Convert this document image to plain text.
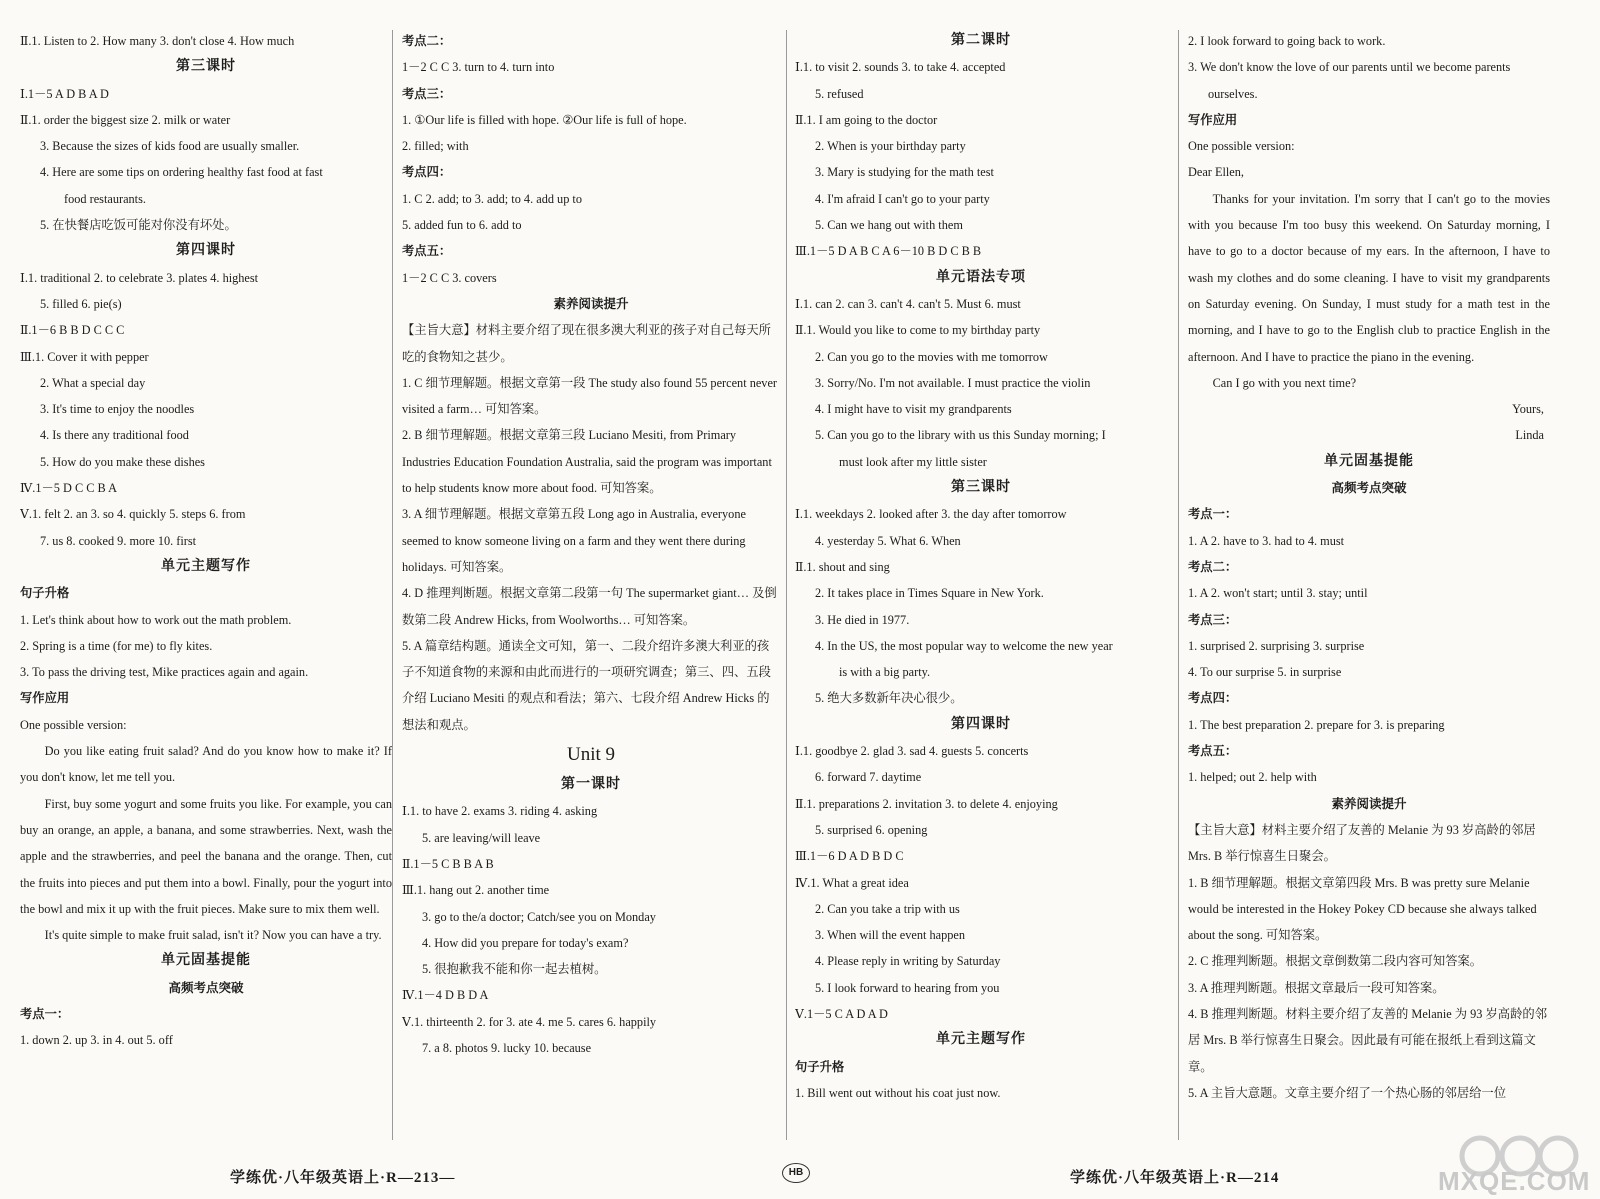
Ⅱ.1. Listen to 2. How many 3. don't close 4. How much
第三课时
Ⅰ.1－5 A D B A D
Ⅱ.1. order the biggest size 2. milk or water
3. Because the sizes of kids food are usually smaller.
4. Here are some tips on ordering healthy fast food at fast
food restaurants.
5. 在快餐店吃饭可能对你没有坏处。
第四课时
Ⅰ.1. traditional 2. to celebrate 3. plates 4. highest
5. filled 6. pie(s)
Ⅱ.1－6 B B D C C C
Ⅲ.1. Cover it with pepper
2. What a special day
3. It's time to enjoy the noodles
4. Is there any traditional food
5. How do you make these dishes
Ⅳ.1－5 D C C B A
Ⅴ.1. felt 2. an 3. so 4. quickly 5. steps 6. from
7. us 8. cooked 9. more 10. first
单元主题写作
句子升格
1. Let's think about how to work out the math problem.
2. Spring is a time (for me) to fly kites.
3. To pass the driving test, Mike practices again and again.
写作应用
One possible version:
Do you like eating fruit salad? And do you know how to make it? If you don't know, let me tell you.
First, buy some yogurt and some fruits you like. For example, you can buy an orange, an apple, a banana, and some strawberries. Next, wash the apple and the strawberries, and peel the banana and the orange. Then, cut the fruits into pieces and put them into a bowl. Finally, pour the yogurt into the bowl and mix it up with the fruit pieces. Make sure to mix them well.
It's quite simple to make fruit salad, isn't it? Now you can have a try.
单元固基提能
高频考点突破
考点一：
1. down 2. up 3. in 4. out 5. off
考点二：
1－2 C C 3. turn to 4. turn into
考点三：
1. ①Our life is filled with hope. ②Our life is full of hope.
2. filled; with
考点四：
1. C 2. add; to 3. add; to 4. add up to
5. added fun to 6. add to
考点五：
1－2 C C 3. covers
素养阅读提升
【主旨大意】材料主要介绍了现在很多澳大利亚的孩子对自己每天所吃的食物知之甚少。
1. C 细节理解题。根据文章第一段 The study also found 55 percent never visited a farm… 可知答案。
2. B 细节理解题。根据文章第三段 Luciano Mesiti, from Primary Industries Education Foundation Australia, said the program was important to help students know more about food. 可知答案。
3. A 细节理解题。根据文章第五段 Long ago in Australia, everyone seemed to know someone living on a farm and they went there during holidays. 可知答案。
4. D 推理判断题。根据文章第二段第一句 The supermarket giant… 及倒数第二段 Andrew Hicks, from Woolworths… 可知答案。
5. A 篇章结构题。通读全文可知，第一、二段介绍许多澳大利亚的孩子不知道食物的来源和由此而进行的一项研究调查；第三、四、五段介绍 Luciano Mesiti 的观点和看法；第六、七段介绍 Andrew Hicks 的想法和观点。
Unit 9
第一课时
Ⅰ.1. to have 2. exams 3. riding 4. asking
5. are leaving/will leave
Ⅱ.1－5 C B B A B
Ⅲ.1. hang out 2. another time
3. go to the/a doctor; Catch/see you on Monday
4. How did you prepare for today's exam?
5. 很抱歉我不能和你一起去植树。
Ⅳ.1－4 D B D A
Ⅴ.1. thirteenth 2. for 3. ate 4. me 5. cares 6. happily
7. a 8. photos 9. lucky 10. because
第二课时
Ⅰ.1. to visit 2. sounds 3. to take 4. accepted
5. refused
Ⅱ.1. I am going to the doctor
2. When is your birthday party
3. Mary is studying for the math test
4. I'm afraid I can't go to your party
5. Can we hang out with them
Ⅲ.1－5 D A B C A 6－10 B D C B B
单元语法专项
Ⅰ.1. can 2. can 3. can't 4. can't 5. Must 6. must
Ⅱ.1. Would you like to come to my birthday party
2. Can you go to the movies with me tomorrow
3. Sorry/No. I'm not available. I must practice the violin
4. I might have to visit my grandparents
5. Can you go to the library with us this Sunday morning; I
must look after my little sister
第三课时
Ⅰ.1. weekdays 2. looked after 3. the day after tomorrow
4. yesterday 5. What 6. When
Ⅱ.1. shout and sing
2. It takes place in Times Square in New York.
3. He died in 1977.
4. In the US, the most popular way to welcome the new year
is with a big party.
5. 绝大多数新年决心很少。
第四课时
Ⅰ.1. goodbye 2. glad 3. sad 4. guests 5. concerts
6. forward 7. daytime
Ⅱ.1. preparations 2. invitation 3. to delete 4. enjoying
5. surprised 6. opening
Ⅲ.1－6 D A D B D C
Ⅳ.1. What a great idea
2. Can you take a trip with us
3. When will the event happen
4. Please reply in writing by Saturday
5. I look forward to hearing from you
Ⅴ.1－5 C A D A D
单元主题写作
句子升格
1. Bill went out without his coat just now.
2. I look forward to going back to work.
3. We don't know the love of our parents until we become parents
ourselves.
写作应用
One possible version:
Dear Ellen,
Thanks for your invitation. I'm sorry that I can't go to the movies with you because I'm too busy this weekend. On Saturday morning, I have to go to a doctor because of my ears. In the afternoon, I have to wash my clothes and do some cleaning. I have to visit my grandparents on Saturday evening. On Sunday, I must study for a math test in the morning, and I have to go to the English club to practice English in the afternoon. And I have to practice the piano in the evening.
Can I go with you next time?
Yours,
Linda
单元固基提能
高频考点突破
考点一：
1. A 2. have to 3. had to 4. must
考点二：
1. A 2. won't start; until 3. stay; until
考点三：
1. surprised 2. surprising 3. surprise
4. To our surprise 5. in surprise
考点四：
1. The best preparation 2. prepare for 3. is preparing
考点五：
1. helped; out 2. help with
素养阅读提升
【主旨大意】材料主要介绍了友善的 Melanie 为 93 岁高龄的邻居 Mrs. B 举行惊喜生日聚会。
1. B 细节理解题。根据文章第四段 Mrs. B was pretty sure Melanie would be interested in the Hokey Pokey CD because she always talked about the song. 可知答案。
2. C 推理判断题。根据文章倒数第二段内容可知答案。
3. A 推理判断题。根据文章最后一段可知答案。
4. B 推理判断题。材料主要介绍了友善的 Melanie 为 93 岁高龄的邻居 Mrs. B 举行惊喜生日聚会。因此最有可能在报纸上看到这篇文章。
5. A 主旨大意题。文章主要介绍了一个热心肠的邻居给一位
学练优·八年级英语上·R—213—	HB	学练优·八年级英语上·R—214	MXQE.COM
